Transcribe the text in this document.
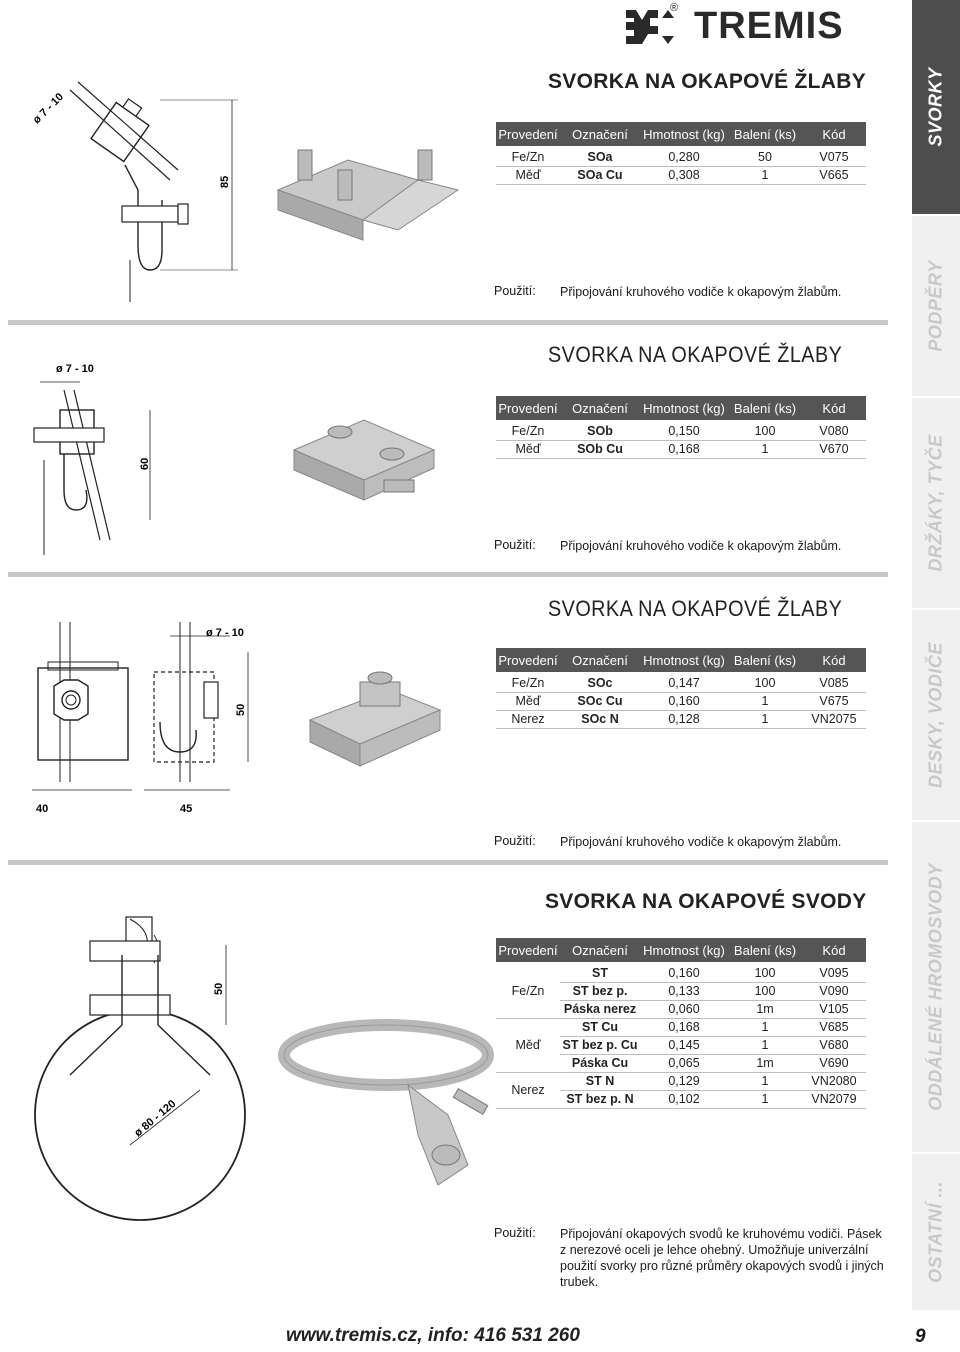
® TREMIS
SVORKA NA OKAPOVÉ ŽLABY
Provedení	Označení	Hmotnost (kg)	Balení (ks)	Kód
Fe/Zn	SOa	0,280	50	V075
Měď	SOa Cu	0,308	1	V665
Použití: Připojování kruhového vodiče k okapovým žlabům.
ø 7 - 10
85
SVORKA NA OKAPOVÉ ŽLABY
Provedení	Označení	Hmotnost (kg)	Balení (ks)	Kód
Fe/Zn	SOb	0,150	100	V080
Měď	SOb Cu	0,168	1	V670
Použití: Připojování kruhového vodiče k okapovým žlabům.
ø 7 - 10
60
SVORKA NA OKAPOVÉ ŽLABY
Provedení	Označení	Hmotnost (kg)	Balení (ks)	Kód
Fe/Zn	SOc	0,147	100	V085
Měď	SOc Cu	0,160	1	V675
Nerez	SOc N	0,128	1	VN2075
Použití: Připojování kruhového vodiče k okapovým žlabům.
ø 7 - 10
50
40	45
SVORKA NA OKAPOVÉ SVODY
Provedení	Označení	Hmotnost (kg)	Balení (ks)	Kód
Fe/Zn	ST	0,160	100	V095
	ST bez p.	0,133	100	V090
	Páska nerez	0,060	1m	V105
Měď	ST Cu	0,168	1	V685
	ST bez p. Cu	0,145	1	V680
	Páska Cu	0,065	1m	V690
Nerez	ST N	0,129	1	VN2080
	ST bez p. N	0,102	1	VN2079
Použití: Připojování okapových svodů ke kruhovému vodiči. Pásek z nerezové oceli je lehce ohebný. Umožňuje univerzální použití svorky pro různé průměry okapových svodů i jiných trubek.
50
ø 80 - 120
SVORKY
PODPĚRY
DRŽÁKY, TYČE
DESKY, VODIČE
ODDÁLENÉ HROMOSVODY
OSTATNÍ ...
www.tremis.cz, info: 416 531 260	9
